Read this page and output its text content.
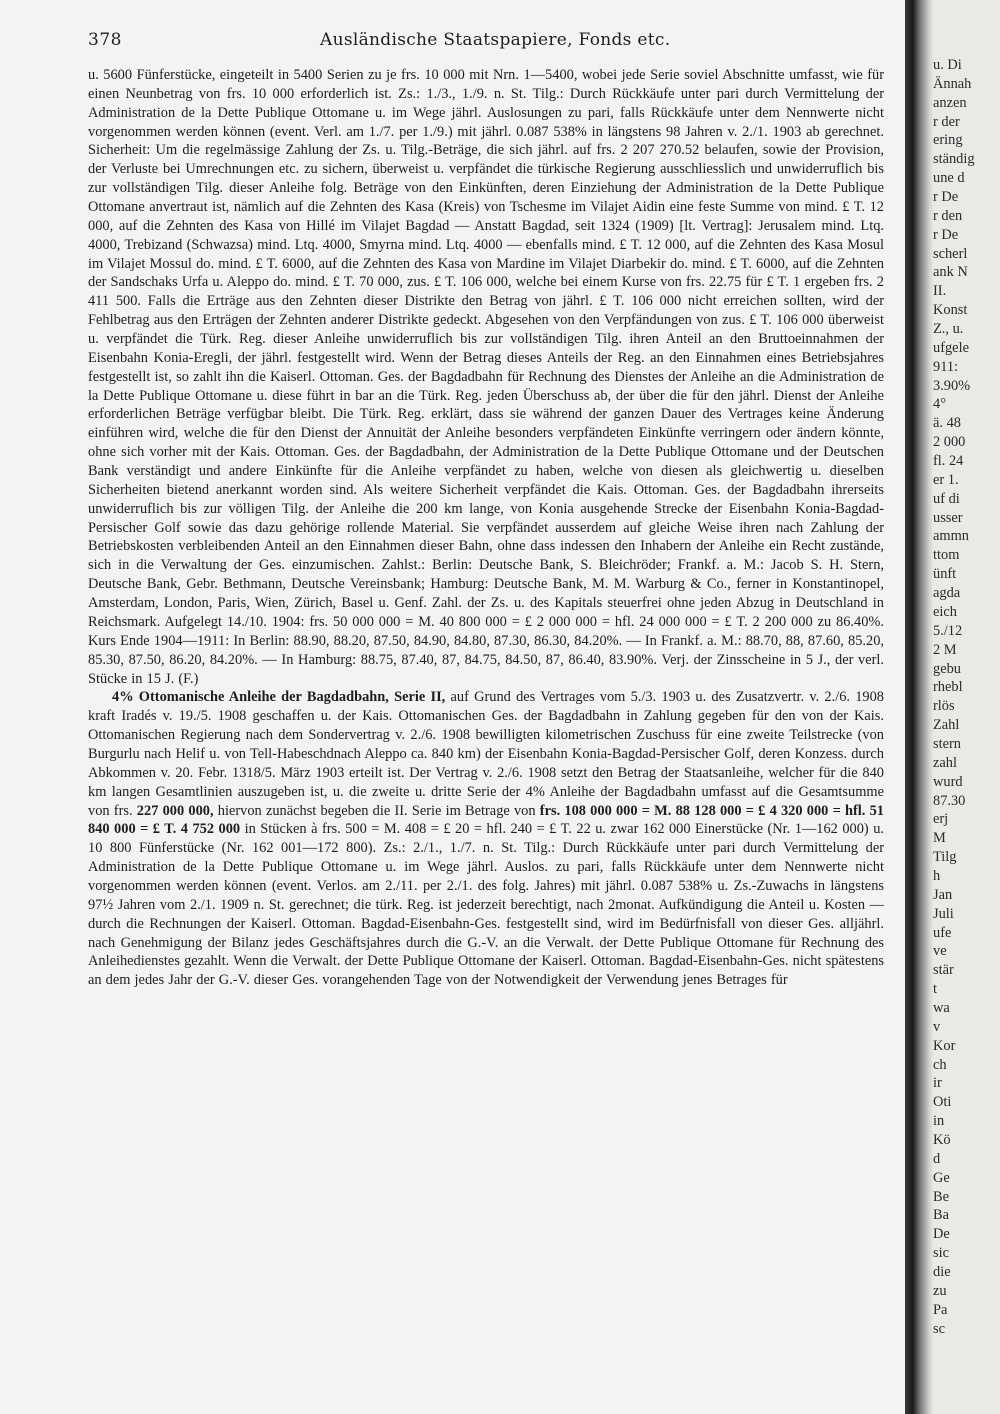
378	Ausländische Staatspapiere, Fonds etc.

u. 5600 Fünferstücke, eingeteilt in 5400 Serien zu je frs. 10 000 mit Nrn. 1—5400, wobei jede Serie soviel Abschnitte umfasst, wie für einen Neunbetrag von frs. 10 000 erforderlich ist. Zs.: 1./3., 1./9. n. St. Tilg.: Durch Rückkäufe unter pari durch Vermittelung der Administration de la Dette Publique Ottomane u. im Wege jährl. Auslosungen zu pari, falls Rückkäufe unter dem Nennwerte nicht vorgenommen werden können (event. Verl. am 1./7. per 1./9.) mit jährl. 0.087 538% in längstens 98 Jahren v. 2./1. 1903 ab gerechnet. Sicherheit: Um die regelmässige Zahlung der Zs. u. Tilg.-Beträge, die sich jährl. auf frs. 2 207 270.52 belaufen, sowie der Provision, der Verluste bei Umrechnungen etc. zu sichern, überweist u. verpfändet die türkische Regierung ausschliesslich und unwiderruflich bis zur vollständigen Tilg. dieser Anleihe folg. Beträge von den Einkünften, deren Einziehung der Administration de la Dette Publique Ottomane anvertraut ist, nämlich auf die Zehnten des Kasa (Kreis) von Tschesme im Vilajet Aidin eine feste Summe von mind. £ T. 12 000, auf die Zehnten des Kasa von Hillé im Vilajet Bagdad — Anstatt Bagdad, seit 1324 (1909) [lt. Vertrag]: Jerusalem mind. Ltq. 4000, Trebizand (Schwazsa) mind. Ltq. 4000, Smyrna mind. Ltq. 4000 — ebenfalls mind. £ T. 12 000, auf die Zehnten des Kasa Mosul im Vilajet Mossul do. mind. £ T. 6000, auf die Zehnten des Kasa von Mardine im Vilajet Diarbekir do. mind. £ T. 6000, auf die Zehnten der Sandschaks Urfa u. Aleppo do. mind. £ T. 70 000, zus. £ T. 106 000, welche bei einem Kurse von frs. 22.75 für £ T. 1 ergeben frs. 2 411 500. Falls die Erträge aus den Zehnten dieser Distrikte den Betrag von jährl. £ T. 106 000 nicht erreichen sollten, wird der Fehlbetrag aus den Erträgen der Zehnten anderer Distrikte gedeckt. Abgesehen von den Verpfändungen von zus. £ T. 106 000 überweist u. verpfändet die Türk. Reg. dieser Anleihe unwiderruflich bis zur vollständigen Tilg. ihren Anteil an den Bruttoeinnahmen der Eisenbahn Konia-Eregli, der jährl. festgestellt wird. Wenn der Betrag dieses Anteils der Reg. an den Einnahmen eines Betriebsjahres festgestellt ist, so zahlt ihn die Kaiserl. Ottoman. Ges. der Bagdadbahn für Rechnung des Dienstes der Anleihe an die Administration de la Dette Publique Ottomane u. diese führt in bar an die Türk. Reg. jeden Überschuss ab, der über die für den jährl. Dienst der Anleihe erforderlichen Beträge verfügbar bleibt. Die Türk. Reg. erklärt, dass sie während der ganzen Dauer des Vertrages keine Änderung einführen wird, welche die für den Dienst der Annuität der Anleihe besonders verpfändeten Einkünfte verringern oder ändern könnte, ohne sich vorher mit der Kais. Ottoman. Ges. der Bagdadbahn, der Administration de la Dette Publique Ottomane und der Deutschen Bank verständigt und andere Einkünfte für die Anleihe verpfändet zu haben, welche von diesen als gleichwertig u. dieselben Sicherheiten bietend anerkannt worden sind. Als weitere Sicherheit verpfändet die Kais. Ottoman. Ges. der Bagdadbahn ihrerseits unwiderruflich bis zur völligen Tilg. der Anleihe die 200 km lange, von Konia ausgehende Strecke der Eisenbahn Konia-Bagdad-Persischer Golf sowie das dazu gehörige rollende Material. Sie verpfändet ausserdem auf gleiche Weise ihren nach Zahlung der Betriebskosten verbleibenden Anteil an den Einnahmen dieser Bahn, ohne dass indessen den Inhabern der Anleihe ein Recht zustände, sich in die Verwaltung der Ges. einzumischen. Zahlst.: Berlin: Deutsche Bank, S. Bleichröder; Frankf. a. M.: Jacob S. H. Stern, Deutsche Bank, Gebr. Bethmann, Deutsche Vereinsbank; Hamburg: Deutsche Bank, M. M. Warburg & Co., ferner in Konstantinopel, Amsterdam, London, Paris, Wien, Zürich, Basel u. Genf. Zahl. der Zs. u. des Kapitals steuerfrei ohne jeden Abzug in Deutschland in Reichsmark. Aufgelegt 14./10. 1904: frs. 50 000 000 = M. 40 800 000 = £ 2 000 000 = hfl. 24 000 000 = £ T. 2 200 000 zu 86.40%. Kurs Ende 1904—1911: In Berlin: 88.90, 88.20, 87.50, 84.90, 84.80, 87.30, 86.30, 84.20%. — In Frankf. a. M.: 88.70, 88, 87.60, 85.20, 85.30, 87.50, 86.20, 84.20%. — In Hamburg: 88.75, 87.40, 87, 84.75, 84.50, 87, 86.40, 83.90%. Verj. der Zinsscheine in 5 J., der verl. Stücke in 15 J. (F.)

4% Ottomanische Anleihe der Bagdadbahn, Serie II, auf Grund des Vertrages vom 5./3. 1903 u. des Zusatzvertr. v. 2./6. 1908 kraft Iradés v. 19./5. 1908 geschaffen u. der Kais. Ottomanischen Ges. der Bagdadbahn in Zahlung gegeben für den von der Kais. Ottomanischen Regierung nach dem Sondervertrag v. 2./6. 1908 bewilligten kilometrischen Zuschuss für eine zweite Teilstrecke (von Burgurlu nach Helif u. von Tell-Habeschdnach Aleppo ca. 840 km) der Eisenbahn Konia-Bagdad-Persischer Golf, deren Konzess. durch Abkommen v. 20. Febr. 1318/5. März 1903 erteilt ist. Der Vertrag v. 2./6. 1908 setzt den Betrag der Staatsanleihe, welcher für die 840 km langen Gesamtlinien auszugeben ist, u. die zweite u. dritte Serie der 4% Anleihe der Bagdadbahn umfasst auf die Gesamtsumme von frs. 227 000 000, hiervon zunächst begeben die II. Serie im Betrage von frs. 108 000 000 = M. 88 128 000 = £ 4 320 000 = hfl. 51 840 000 = £ T. 4 752 000 in Stücken à frs. 500 = M. 408 = £ 20 = hfl. 240 = £ T. 22 u. zwar 162 000 Einerstücke (Nr. 1—162 000) u. 10 800 Fünferstücke (Nr. 162 001—172 800). Zs.: 2./1., 1./7. n. St. Tilg.: Durch Rückkäufe unter pari durch Vermittelung der Administration de la Dette Publique Ottomane u. im Wege jährl. Auslos. zu pari, falls Rückkäufe unter dem Nennwerte nicht vorgenommen werden können (event. Verlos. am 2./11. per 2./1. des folg. Jahres) mit jährl. 0.087 538% u. Zs.-Zuwachs in längstens 97½ Jahren vom 2./1. 1909 n. St. gerechnet; die türk. Reg. ist jederzeit berechtigt, nach 2monat. Aufkündigung die Anteil u. Kosten — durch die Rechnungen der Kaiserl. Ottoman. Bagdad-Eisenbahn-Ges. festgestellt sind, wird im Bedürfnisfall von dieser Ges. alljährl. nach Genehmigung der Bilanz jedes Geschäftsjahres durch die G.-V. an die Verwalt. der Dette Publique Ottomane für Rechnung des Anleihedienstes gezahlt. Wenn die Verwalt. der Dette Publique Ottomane der Kaiserl. Ottoman. Bagdad-Eisenbahn-Ges. nicht spätestens an dem jedes Jahr der G.-V. dieser Ges. vorangehenden Tage von der Notwendigkeit der Verwendung jenes Betrages für

u. Di
Ännah
anzen
r der
ering
ständig
une d
r De
r den
r De
scherl
ank N
II.
Konst
Z., u.
ufgele
911:
3.90%
4°
ä. 48
2 000
fl. 24
er 1.
uf di
usser
ammn
ttom
ünft
agda
eich
5./12
2 M
gebu
rhebl
rlös
Zahl
stern
zahl
wurd
87.30
erj
M
Tilg
h
Jan
Juli
ufe
ve
stär
t
wa
v
Kor
ch
ir
Oti
in
Kö
d
Ge
Be
Ba
De
sic
die
zu
Pa
sc
